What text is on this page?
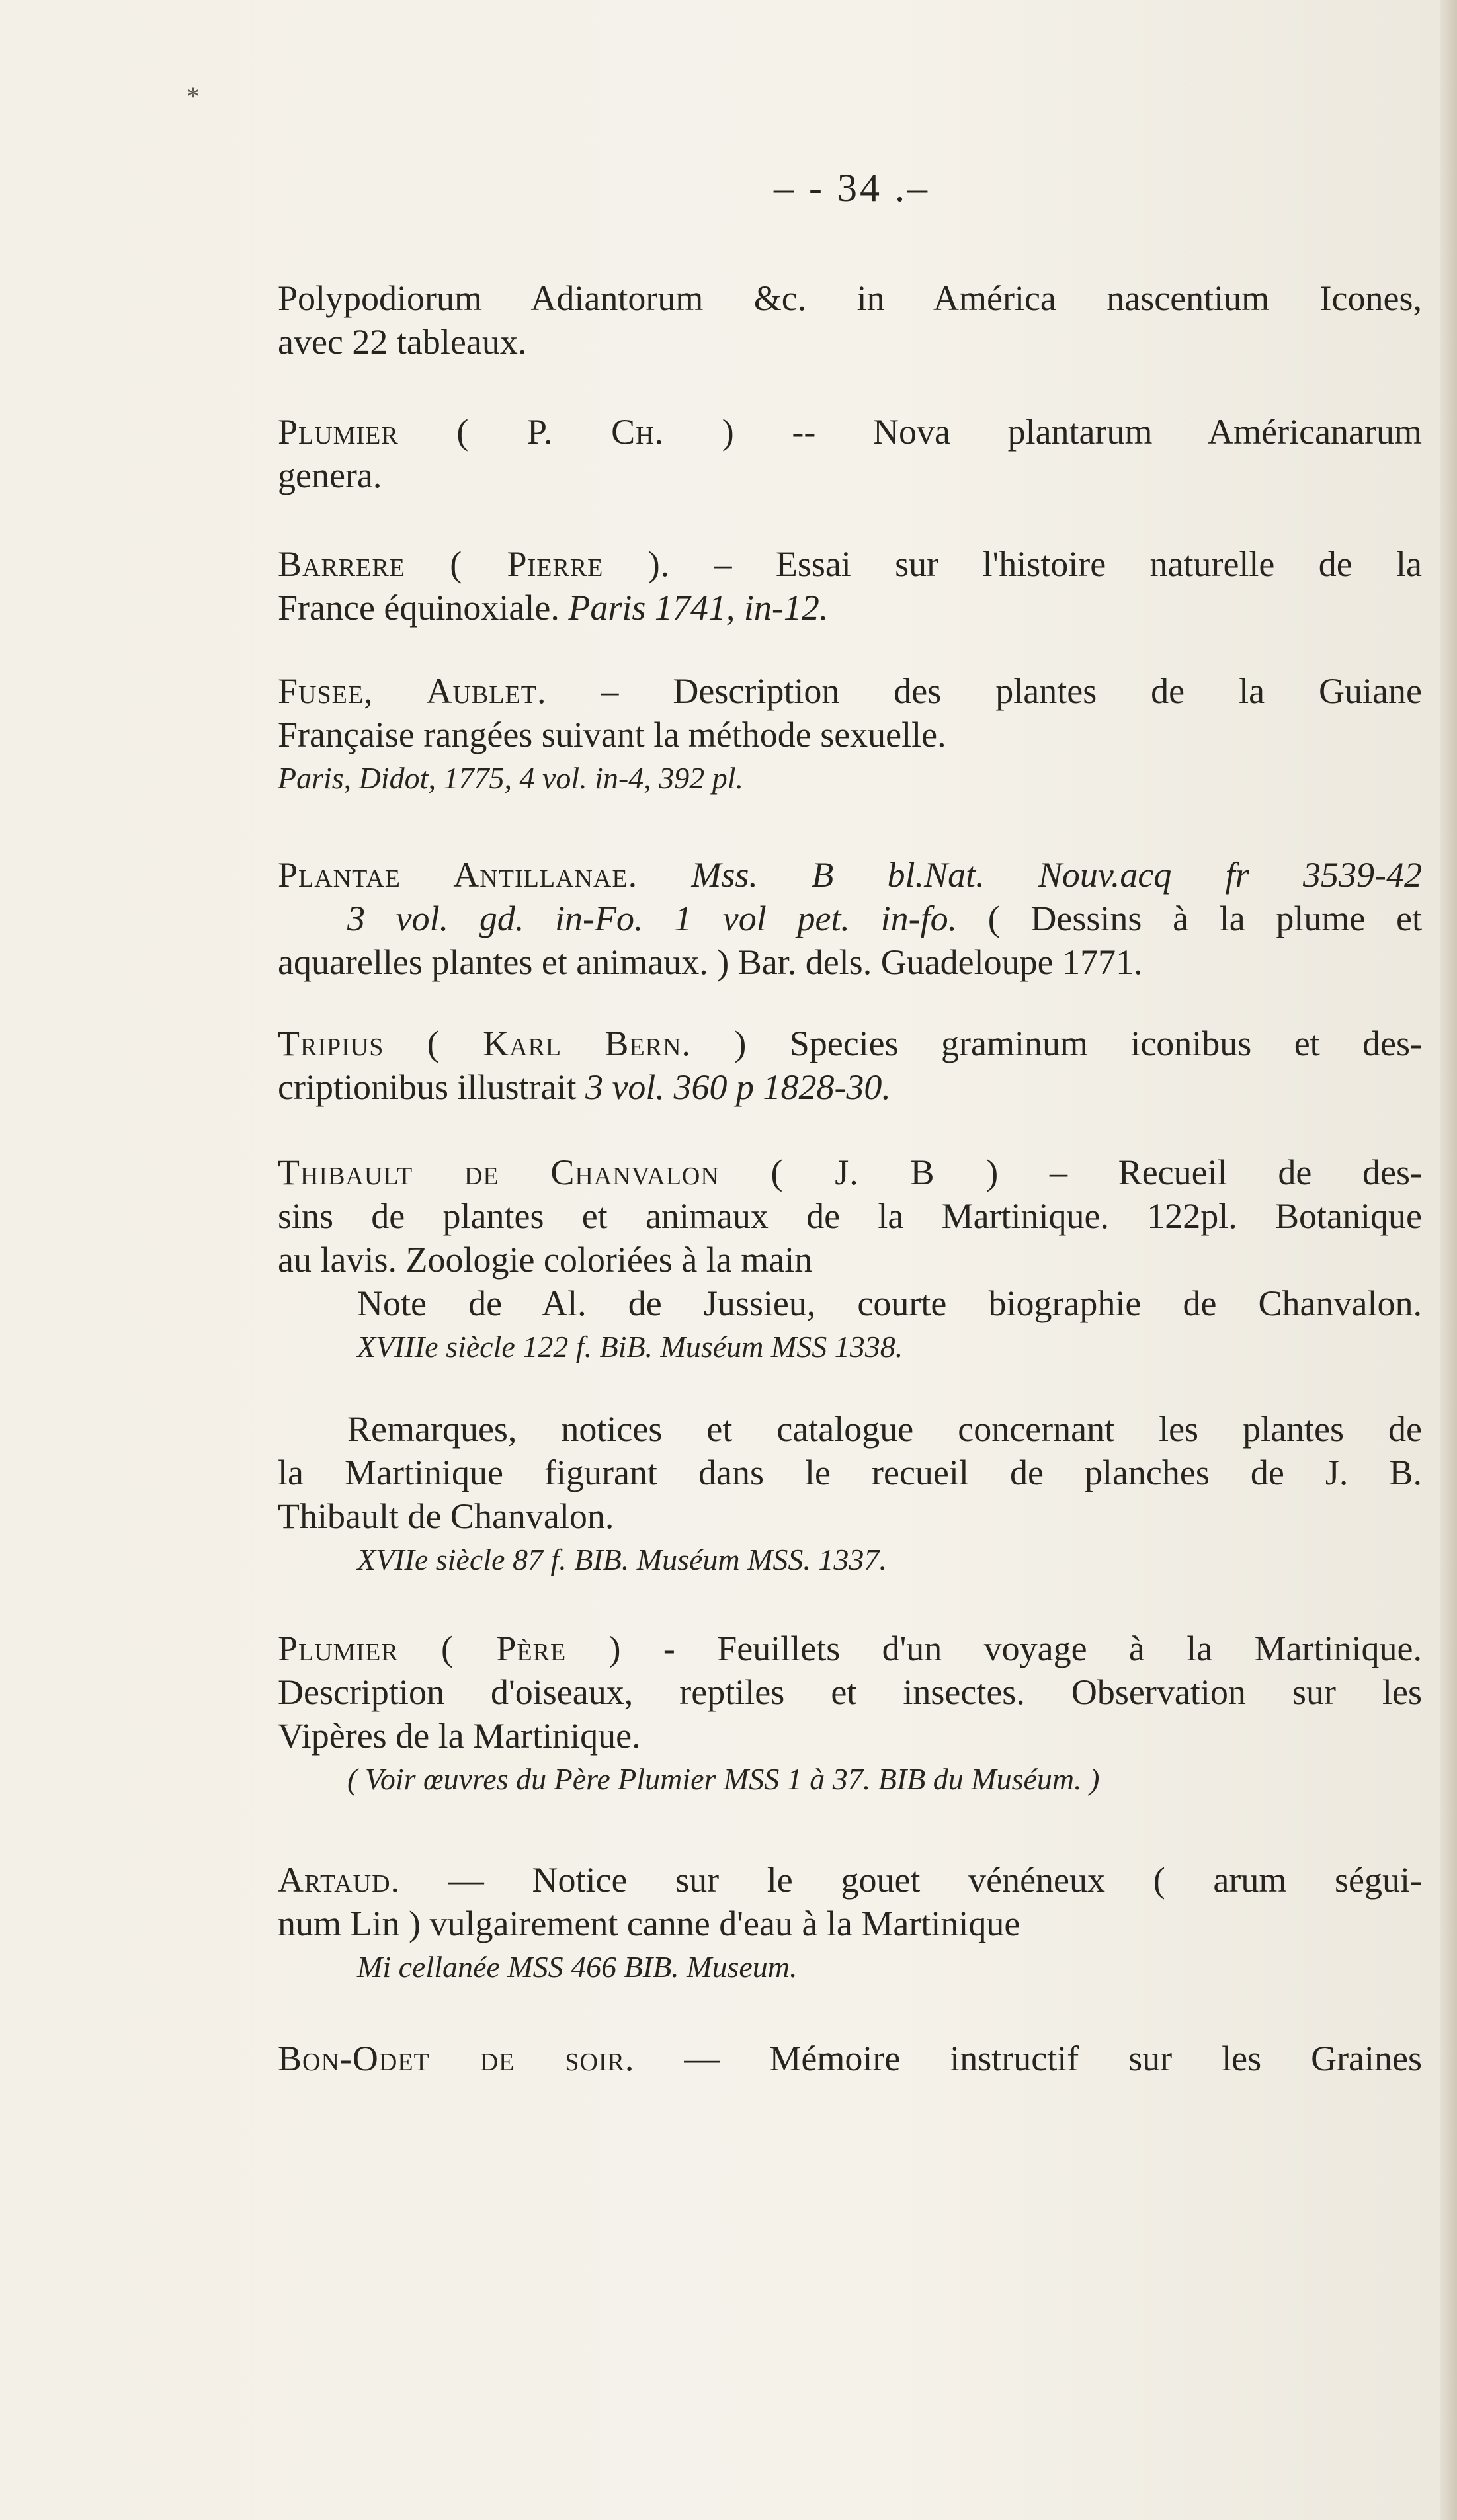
*
– - 34 .–

Polypodiorum Adiantorum &c. in América nascentium Icones,

avec 22 tableaux.

Plumier ( P. Ch. ) -- Nova plantarum Américanarum

genera.

Barrere ( Pierre ). – Essai sur l'histoire naturelle de la

France équinoxiale. Paris 1741, in-12.

Fusee, Aublet. – Description des plantes de la Guiane

Française rangées suivant la méthode sexuelle.

Paris, Didot, 1775, 4 vol. in-4, 392 pl.

Plantae Antillanae. Mss. B bl.Nat. Nouv.acq fr 3539-42

3 vol. gd. in-Fo. 1 vol pet. in-fo. ( Dessins à la plume et

aquarelles plantes et animaux. ) Bar. dels. Guadeloupe 1771.

Tripius ( Karl Bern. ) Species graminum iconibus et des-

criptionibus illustrait 3 vol. 360 p 1828-30.

Thibault de Chanvalon ( J. B ) – Recueil de des-

sins de plantes et animaux de la Martinique. 122pl. Botanique

au lavis. Zoologie coloriées à la main

Note de Al. de Jussieu, courte biographie de Chanvalon.

XVIIIe siècle 122 f. BiB. Muséum MSS 1338.

Remarques, notices et catalogue concernant les plantes de

la Martinique figurant dans le recueil de planches de J. B.

Thibault de Chanvalon.

XVIIe siècle 87 f. BIB. Muséum MSS. 1337.

Plumier ( Père ) - Feuillets d'un voyage à la Martinique.

Description d'oiseaux, reptiles et insectes. Observation sur les

Vipères de la Martinique.

( Voir œuvres du Père Plumier MSS 1 à 37. BIB du Muséum. )

Artaud. — Notice sur le gouet vénéneux ( arum ségui-

num Lin ) vulgairement canne d'eau à la Martinique

Mi cellanée MSS 466 BIB. Museum.

Bon-Odet de soir. — Mémoire instructif sur les Graines
